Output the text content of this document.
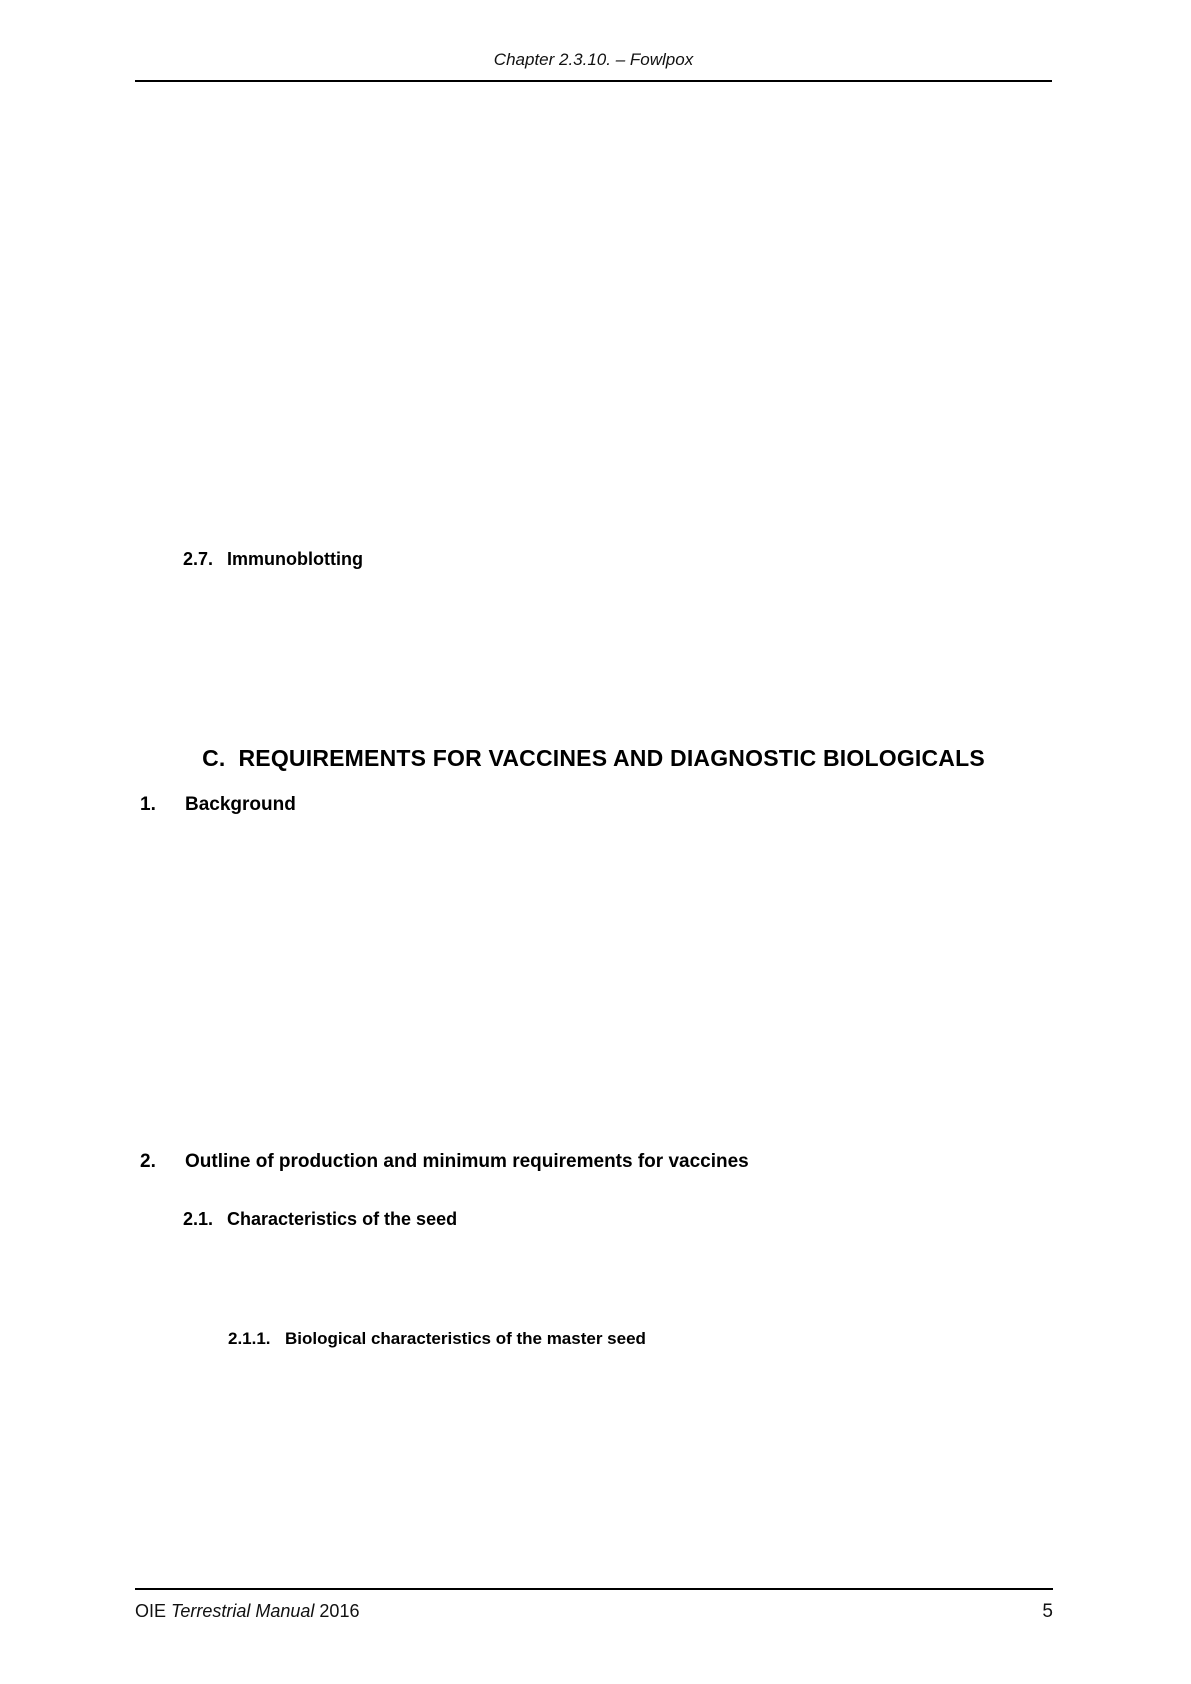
Chapter 2.3.10. – Fowlpox
2.7. Immunoblotting
C. REQUIREMENTS FOR VACCINES AND DIAGNOSTIC BIOLOGICALS
1.	Background
2.	Outline of production and minimum requirements for vaccines
2.1. Characteristics of the seed
2.1.1. Biological characteristics of the master seed
OIE Terrestrial Manual 2016	5
